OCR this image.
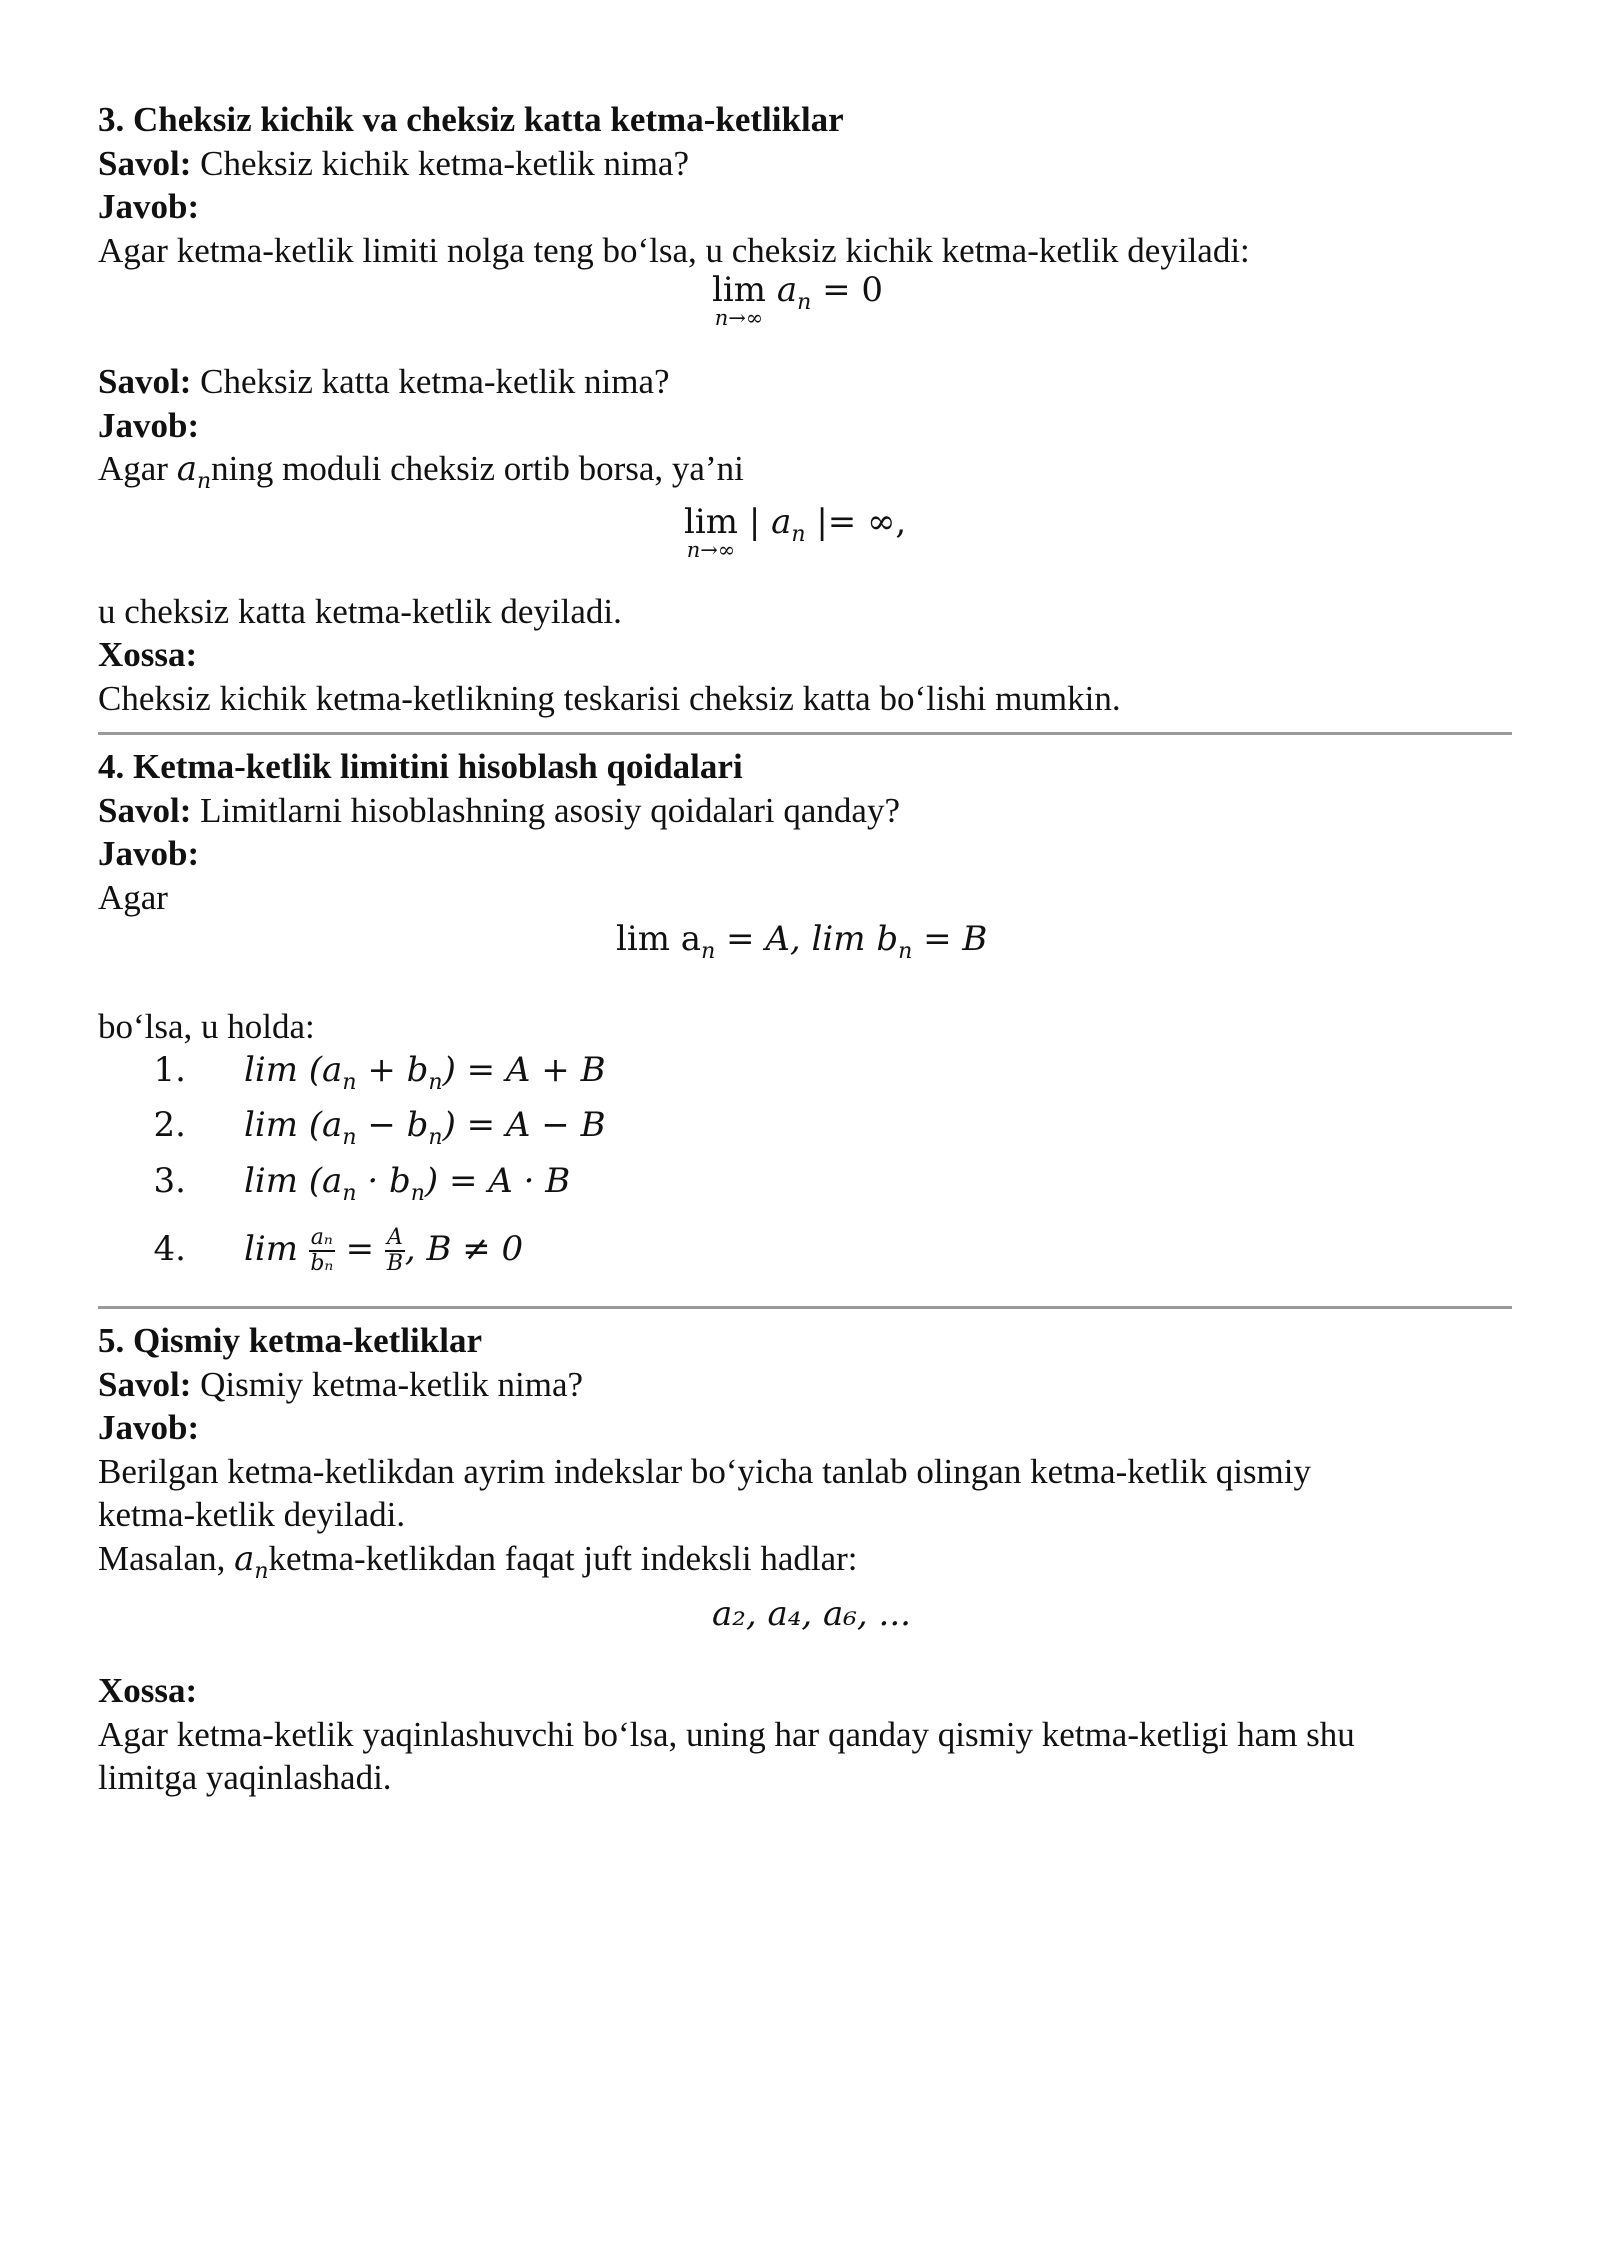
3. Cheksiz kichik va cheksiz katta ketma-ketliklar
Savol: Cheksiz kichik ketma-ketlik nima?
Javob:
Agar ketma-ketlik limiti nolga teng bo‘lsa, u cheksiz kichik ketma-ketlik deyiladi:
lim
n→∞
$a_n = 0$
Savol: Cheksiz katta ketma-ketlik nima?
Javob:
Agar $a_nning$ moduli cheksiz ortib borsa, ya’ni
lim
n→∞
| $a_n$ |= ∞,
u cheksiz katta ketma-ketlik deyiladi.
Xossa:
Cheksiz kichik ketma-ketlikning teskarisi cheksiz katta bo‘lishi mumkin.
4. Ketma-ketlik limitini hisoblash qoidalari
Savol: Limitlarni hisoblashning asosiy qoidalari qanday?
Javob:
Agar
$\lim a_n = A$, $\lim b_n = B$
bo‘lsa, u holda:
1. $\lim (a_n + b_n) = A + B$
2. $\lim (a_n - b_n) = A - B$
3. $\lim (a_n \cdot b_n) = A \cdot B$
4. $\lim \frac{\text{aₙ}}{\text{bₙ}} = \frac{A}{B}$ , B ≠ 0
5. Qismiy ketma-ketliklar
Savol: Qismiy ketma-ketlik nima?
Javob:
Berilgan ketma-ketlikdan ayrim indekslar bo‘yicha tanlab olingan ketma-ketlik qismiy
ketma-ketlik deyiladi.
Masalan, $a_nketma$-ketlikdan faqat juft indeksli hadlar:
a₂, a₄, a₆, ...
Xossa:
Agar ketma-ketlik yaqinlashuvchi bo‘lsa, uning har qanday qismiy ketma-ketligi ham shu
limitga yaqinlashadi.
